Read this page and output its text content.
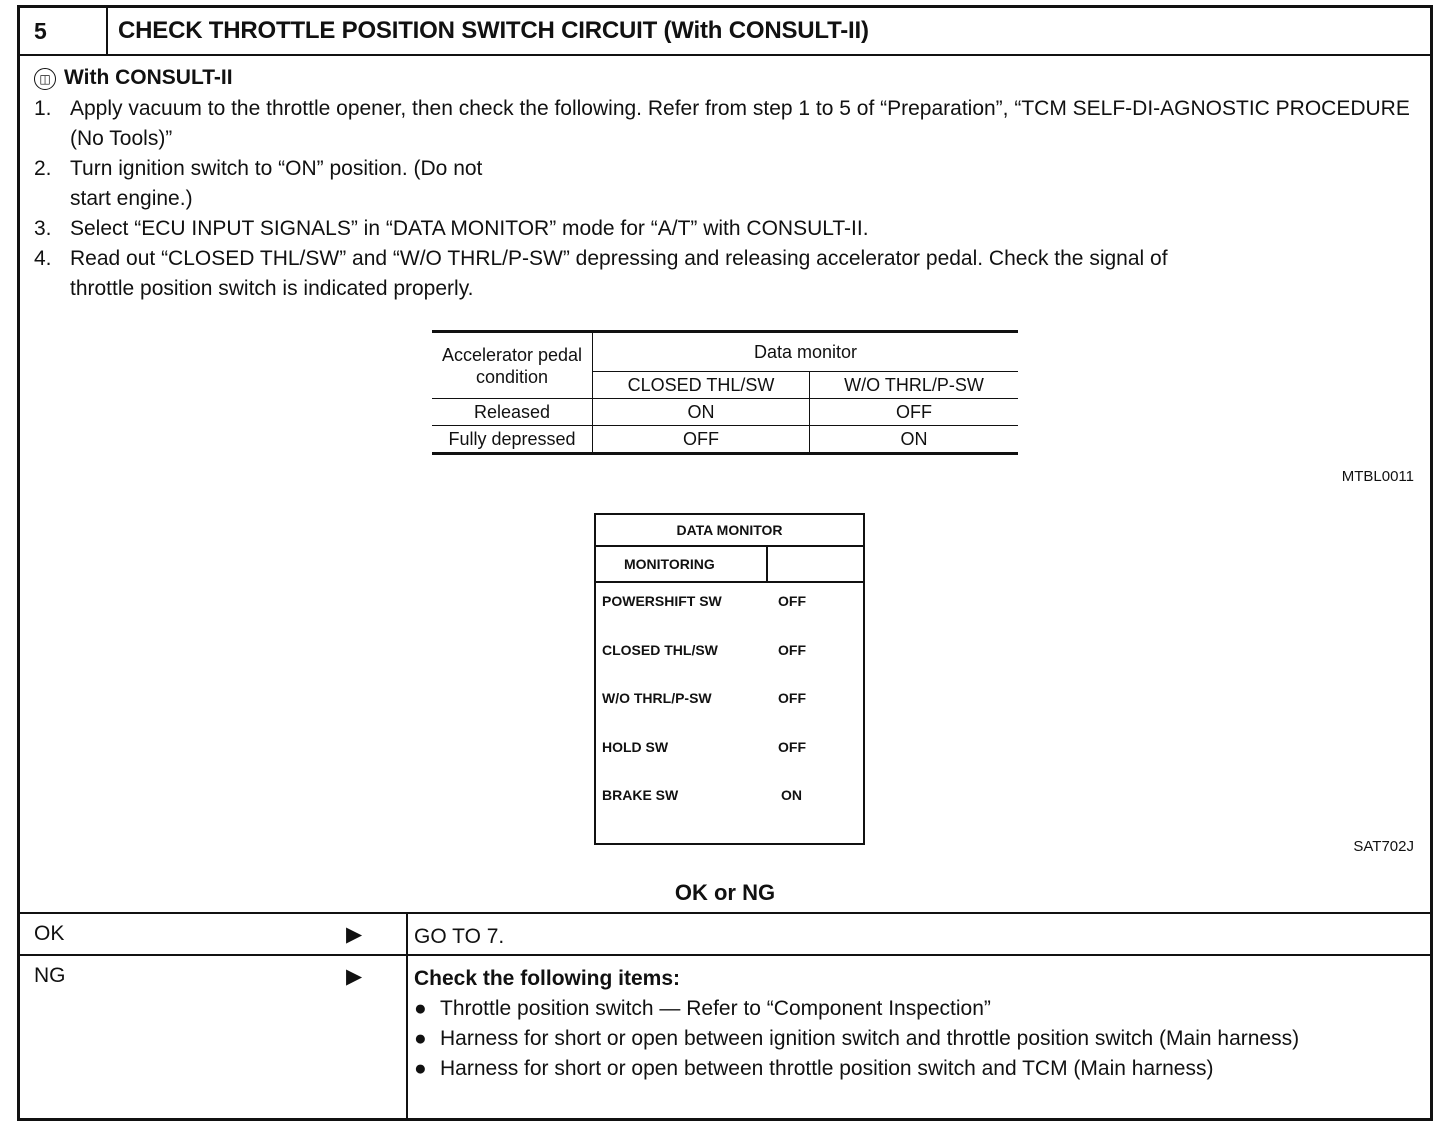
5	CHECK THROTTLE POSITION SWITCH CIRCUIT (With CONSULT-II)
◫ With CONSULT-II
1. Apply vacuum to the throttle opener, then check the following. Refer from step 1 to 5 of “Preparation”, “TCM SELF-DI-AGNOSTIC PROCEDURE (No Tools)”
2. Turn ignition switch to “ON” position. (Do not start engine.)
3. Select “ECU INPUT SIGNALS” in “DATA MONITOR” mode for “A/T” with CONSULT-II.
4. Read out “CLOSED THL/SW” and “W/O THRL/P-SW” depressing and releasing accelerator pedal. Check the signal of throttle position switch is indicated properly.
Accelerator pedal condition	Data monitor	
	CLOSED THL/SW	W/O THRL/P-SW
Released	ON	OFF
Fully depressed	OFF	ON
MTBL0011
DATA MONITOR
MONITORING
POWERSHIFT SW	OFF
CLOSED THL/SW	OFF
W/O THRL/P-SW	OFF
HOLD SW	OFF
BRAKE SW	ON
SAT702J
OK or NG
OK	▶ GO TO 7.
NG	▶ Check the following items:
● Throttle position switch — Refer to “Component Inspection”
● Harness for short or open between ignition switch and throttle position switch (Main harness)
● Harness for short or open between throttle position switch and TCM (Main harness)
